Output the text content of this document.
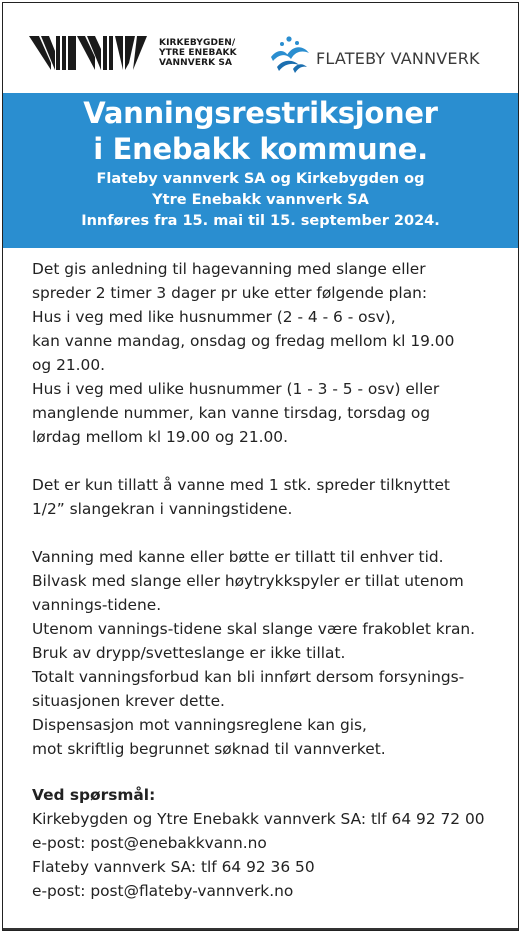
KIRKEBYGDEN/
YTRE ENEBAKK
VANNVERK SA	FLATEBY VANNVERK
Vanningsrestriksjoner
i Enebakk kommune.
Flateby vannverk SA og Kirkebygden og
Ytre Enebakk vannverk SA
Innføres fra 15. mai til 15. september 2024.

Det gis anledning til hagevanning med slange eller

spreder 2 timer 3 dager pr uke etter følgende plan:

Hus i veg med like husnummer (2 - 4 - 6 - osv),

kan vanne mandag, onsdag og fredag mellom kl 19.00

og 21.00.

Hus i veg med ulike husnummer (1 - 3 - 5 - osv) eller

manglende nummer, kan vanne tirsdag, torsdag og

lørdag mellom kl 19.00 og 21.00.

Det er kun tillatt å vanne med 1 stk. spreder tilknyttet

1/2” slangekran i vanningstidene.

Vanning med kanne eller bøtte er tillatt til enhver tid.

Bilvask med slange eller høytrykkspyler er tillat utenom

vannings-tidene.

Utenom vannings-tidene skal slange være frakoblet kran.

Bruk av drypp/svetteslange er ikke tillat.

Totalt vanningsforbud kan bli innført dersom forsynings-

situasjonen krever dette.

Dispensasjon mot vanningsreglene kan gis,

mot skriftlig begrunnet søknad til vannverket.

Ved spørsmål:

Kirkebygden og Ytre Enebakk vannverk SA: tlf 64 92 72 00

e-post: post@enebakkvann.no

Flateby vannverk SA: tlf 64 92 36 50

e-post: post@flateby-vannverk.no
